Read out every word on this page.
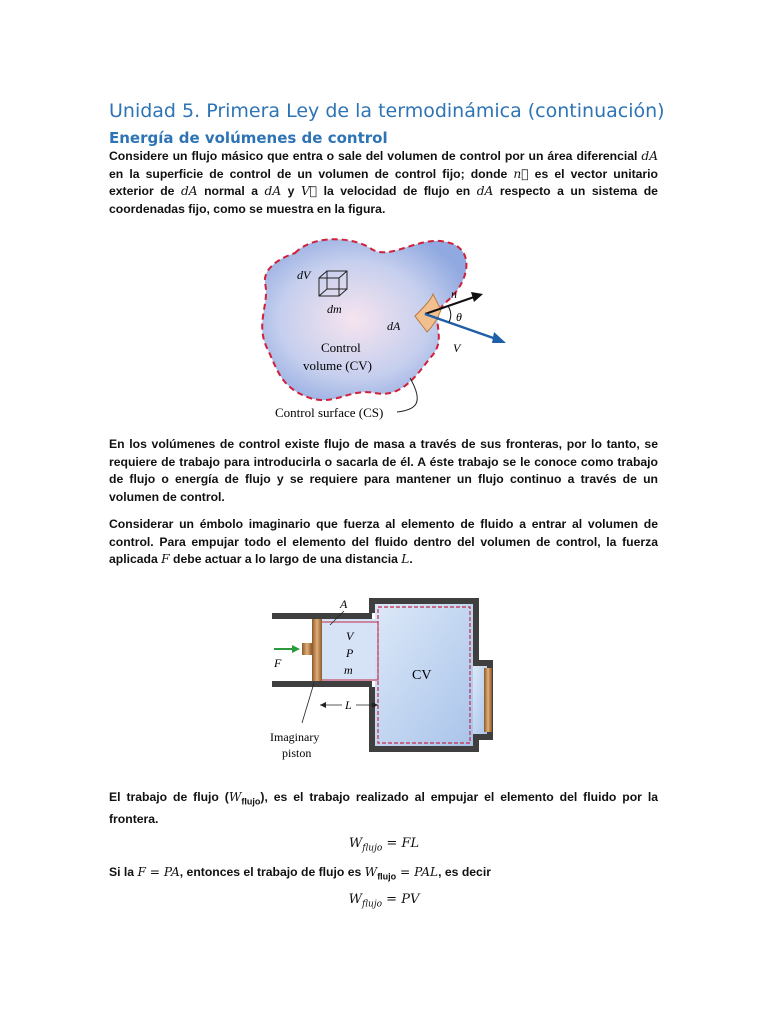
Unidad 5. Primera Ley de la termodinámica (continuación)
Energía de volúmenes de control

Considere un flujo másico que entra o sale del volumen de control por un área diferencial dA en la superficie de control de un volumen de control fijo; donde n⃗ es el vector unitario exterior de dA normal a dA y V⃗ la velocidad de flujo en dA respecto a un sistema de coordenadas fijo, como se muestra en la figura.

dV
dm
dA
n⃗
V⃗
θ
Control
volume (CV)
Control surface (CS)

En los volúmenes de control existe flujo de masa a través de sus fronteras, por lo tanto, se requiere de trabajo para introducirla o sacarla de él. A éste trabajo se le conoce como trabajo de flujo o energía de flujo y se requiere para mantener un flujo continuo a través de un volumen de control.

Considerar un émbolo imaginario que fuerza al elemento de fluido a entrar al volumen de control. Para empujar todo el elemento del fluido dentro del volumen de control, la fuerza aplicada F debe actuar a lo largo de una distancia L.

F
A
V
P
m	CV
L
Imaginary
piston

El trabajo de flujo $(W_{flujo})$, es el trabajo realizado al empujar el elemento del fluido por la frontera.

$W_{flujo}$ = FL

Si la F = PA, entonces el trabajo de flujo es $W_{flujo}$ = PAL, es decir

$W_{flujo}$ = PV
